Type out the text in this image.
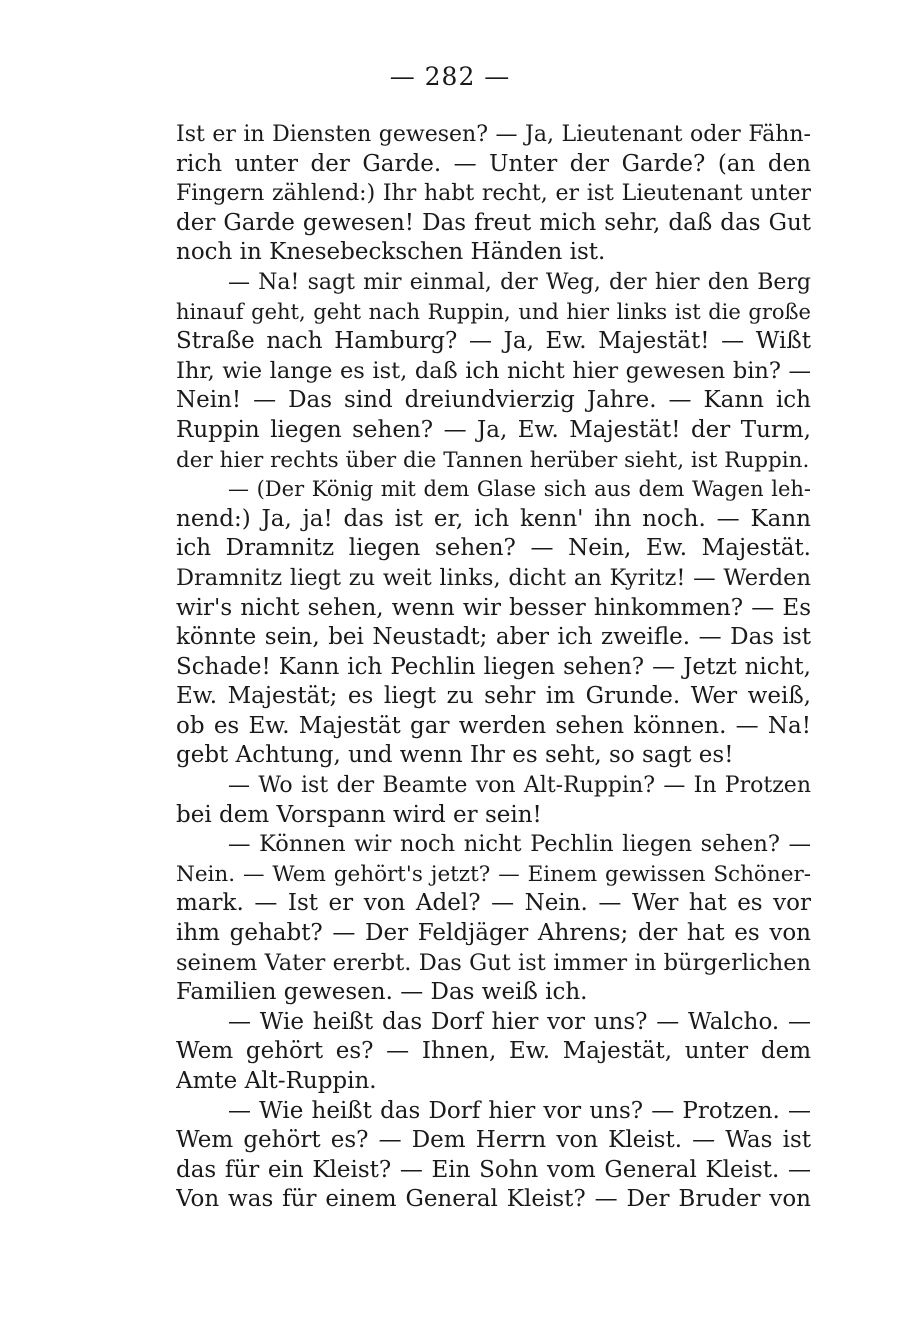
— 282 —
Ist er in Diensten gewesen? — Ja, Lieutenant oder Fähn-
rich unter der Garde. — Unter der Garde? (an den
Fingern zählend:) Ihr habt recht, er ist Lieutenant unter
der Garde gewesen! Das freut mich sehr, daß das Gut
noch in Knesebeckschen Händen ist.
— Na! sagt mir einmal, der Weg, der hier den Berg
hinauf geht, geht nach Ruppin, und hier links ist die große
Straße nach Hamburg? — Ja, Ew. Majestät! — Wißt
Ihr, wie lange es ist, daß ich nicht hier gewesen bin? —
Nein! — Das sind dreiundvierzig Jahre. — Kann ich
Ruppin liegen sehen? — Ja, Ew. Majestät! der Turm,
der hier rechts über die Tannen herüber sieht, ist Ruppin.
— (Der König mit dem Glase sich aus dem Wagen leh-
nend:) Ja, ja! das ist er, ich kenn' ihn noch. — Kann
ich Dramnitz liegen sehen? — Nein, Ew. Majestät.
Dramnitz liegt zu weit links, dicht an Kyritz! — Werden
wir's nicht sehen, wenn wir besser hinkommen? — Es
könnte sein, bei Neustadt; aber ich zweifle. — Das ist
Schade! Kann ich Pechlin liegen sehen? — Jetzt nicht,
Ew. Majestät; es liegt zu sehr im Grunde. Wer weiß,
ob es Ew. Majestät gar werden sehen können. — Na!
gebt Achtung, und wenn Ihr es seht, so sagt es!
— Wo ist der Beamte von Alt-Ruppin? — In Protzen
bei dem Vorspann wird er sein!
— Können wir noch nicht Pechlin liegen sehen? —
Nein. — Wem gehört's jetzt? — Einem gewissen Schöner-
mark. — Ist er von Adel? — Nein. — Wer hat es vor
ihm gehabt? — Der Feldjäger Ahrens; der hat es von
seinem Vater ererbt. Das Gut ist immer in bürgerlichen
Familien gewesen. — Das weiß ich.
— Wie heißt das Dorf hier vor uns? — Walcho. —
Wem gehört es? — Ihnen, Ew. Majestät, unter dem
Amte Alt-Ruppin.
— Wie heißt das Dorf hier vor uns? — Protzen. —
Wem gehört es? — Dem Herrn von Kleist. — Was ist
das für ein Kleist? — Ein Sohn vom General Kleist. —
Von was für einem General Kleist? — Der Bruder von
